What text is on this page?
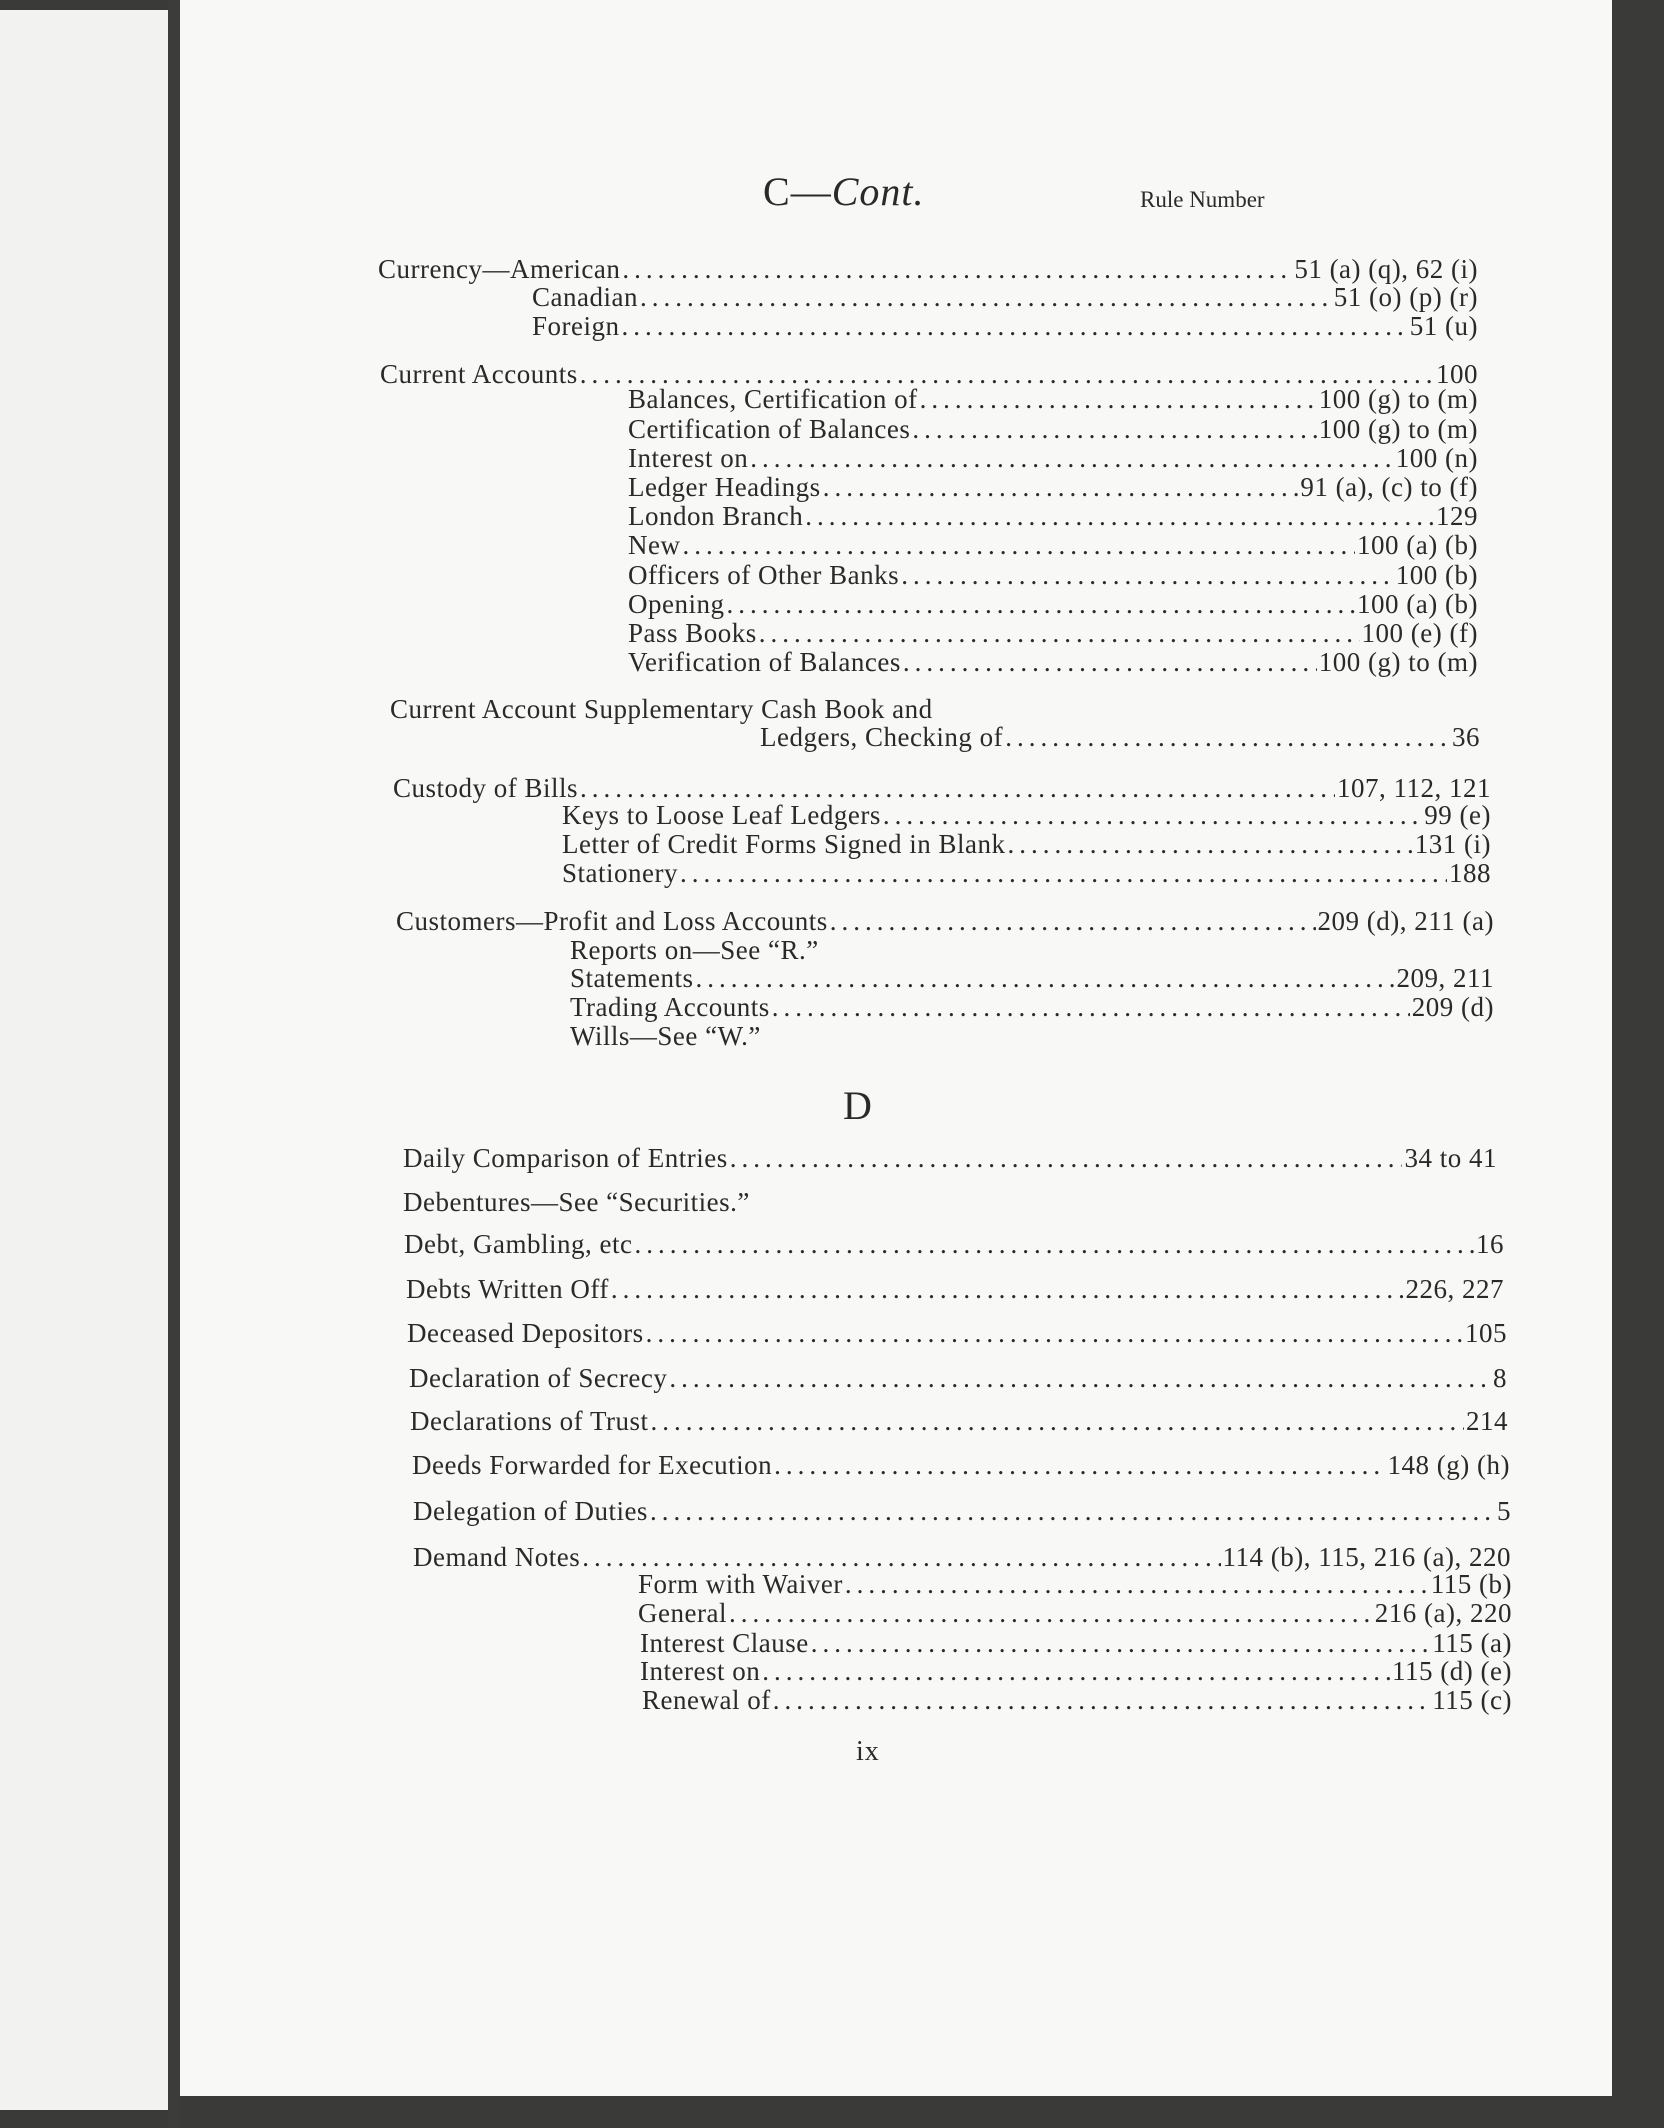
C—Cont.	Rule Number
Currency—American .....	51 (a) (q), 62 (i)
Canadian .....	51 (o) (p) (r)
Foreign .....	51 (u)
Current Accounts .....	100
Balances, Certification of .....	100 (g) to (m)
Certification of Balances .....	100 (g) to (m)
Interest on .....	100 (n)
Ledger Headings .....	91 (a), (c) to (f)
London Branch .....	129
New .....	100 (a) (b)
Officers of Other Banks .....	100 (b)
Opening .....	100 (a) (b)
Pass Books .....	100 (e) (f)
Verification of Balances .....	100 (g) to (m)
Current Account Supplementary Cash Book and
Ledgers, Checking of .....	36
Custody of Bills .....	107, 112, 121
Keys to Loose Leaf Ledgers .....	99 (e)
Letter of Credit Forms Signed in Blank .....	131 (i)
Stationery .....	188
Customers—Profit and Loss Accounts .....	209 (d), 211 (a)
Reports on—See “R.”
Statements .....	209, 211
Trading Accounts .....	209 (d)
Wills—See “W.”
D
Daily Comparison of Entries .....	34 to 41
Debentures—See “Securities.”
Debt, Gambling, etc .....	16
Debts Written Off .....	226, 227
Deceased Depositors .....	105
Declaration of Secrecy .....	8
Declarations of Trust .....	214
Deeds Forwarded for Execution .....	148 (g) (h)
Delegation of Duties .....	5
Demand Notes .....	114 (b), 115, 216 (a), 220
Form with Waiver .....	115 (b)
General .....	216 (a), 220
Interest Clause .....	115 (a)
Interest on .....	115 (d) (e)
Renewal of .....	115 (c)
ix
